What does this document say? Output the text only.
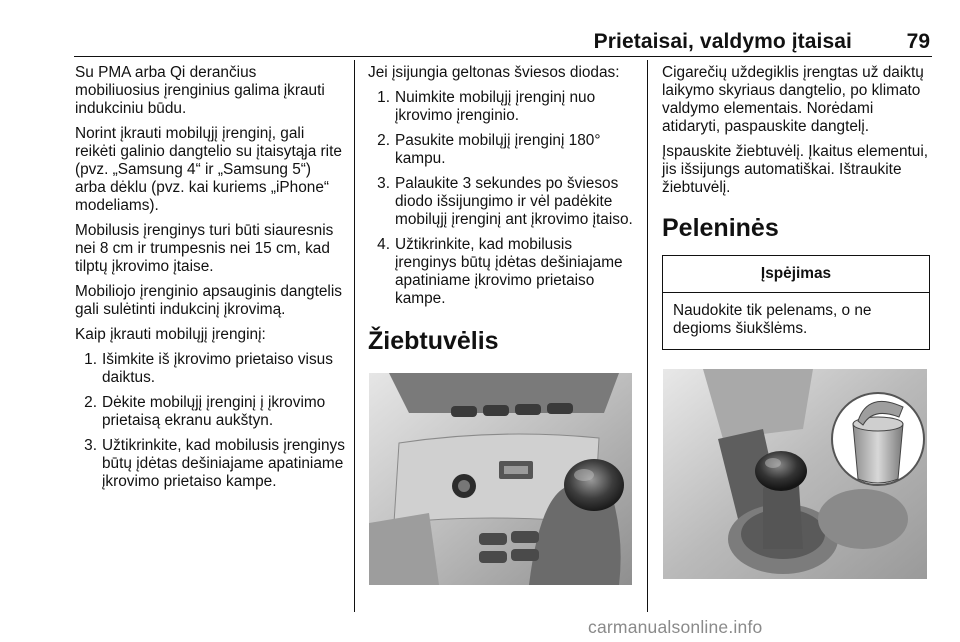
Prietaisai, valdymo įtaisai	79

Su PMA arba Qi derančius mobiliuosius įrenginius galima įkrauti indukciniu būdu.

Norint įkrauti mobilųjį įrenginį, gali reikėti galinio dangtelio su įtaisytąja rite (pvz. „Samsung 4“ ir „Samsung 5“) arba dėklu (pvz. kai kuriems „iPhone“ modeliams).

Mobilusis įrenginys turi būti siauresnis nei 8 cm ir trumpesnis nei 15 cm, kad tilptų įkrovimo įtaise.

Mobiliojo įrenginio apsauginis dangtelis gali sulėtinti indukcinį įkrovimą.

Kaip įkrauti mobilųjį įrenginį:

1. Išimkite iš įkrovimo prietaiso visus daiktus.
2. Dėkite mobilųjį įrenginį į įkrovimo prietaisą ekranu aukštyn.
3. Užtikrinkite, kad mobilusis įrenginys būtų įdėtas dešiniajame apatiniame įkrovimo prietaiso kampe.

Jei įsijungia geltonas šviesos diodas:

1. Nuimkite mobilųjį įrenginį nuo įkrovimo įrenginio.
2. Pasukite mobilųjį įrenginį 180° kampu.
3. Palaukite 3 sekundes po šviesos diodo išsijungimo ir vėl padėkite mobilųjį įrenginį ant įkrovimo įtaiso.
4. Užtikrinkite, kad mobilusis įrenginys būtų įdėtas dešiniajame apatiniame įkrovimo prietaiso kampe.
Žiebtuvėlis

Cigarečių uždegiklis įrengtas už daiktų laikymo skyriaus dangtelio, po klimato valdymo elementais. Norėdami atidaryti, paspauskite dangtelį.

Įspauskite žiebtuvėlį. Įkaitus elementui, jis išsijungs automatiškai. Ištraukite žiebtuvėlį.

Peleninės
Įspėjimas
Naudokite tik pelenams, o ne degioms šiukšlėms.
carmanualsonline.info
